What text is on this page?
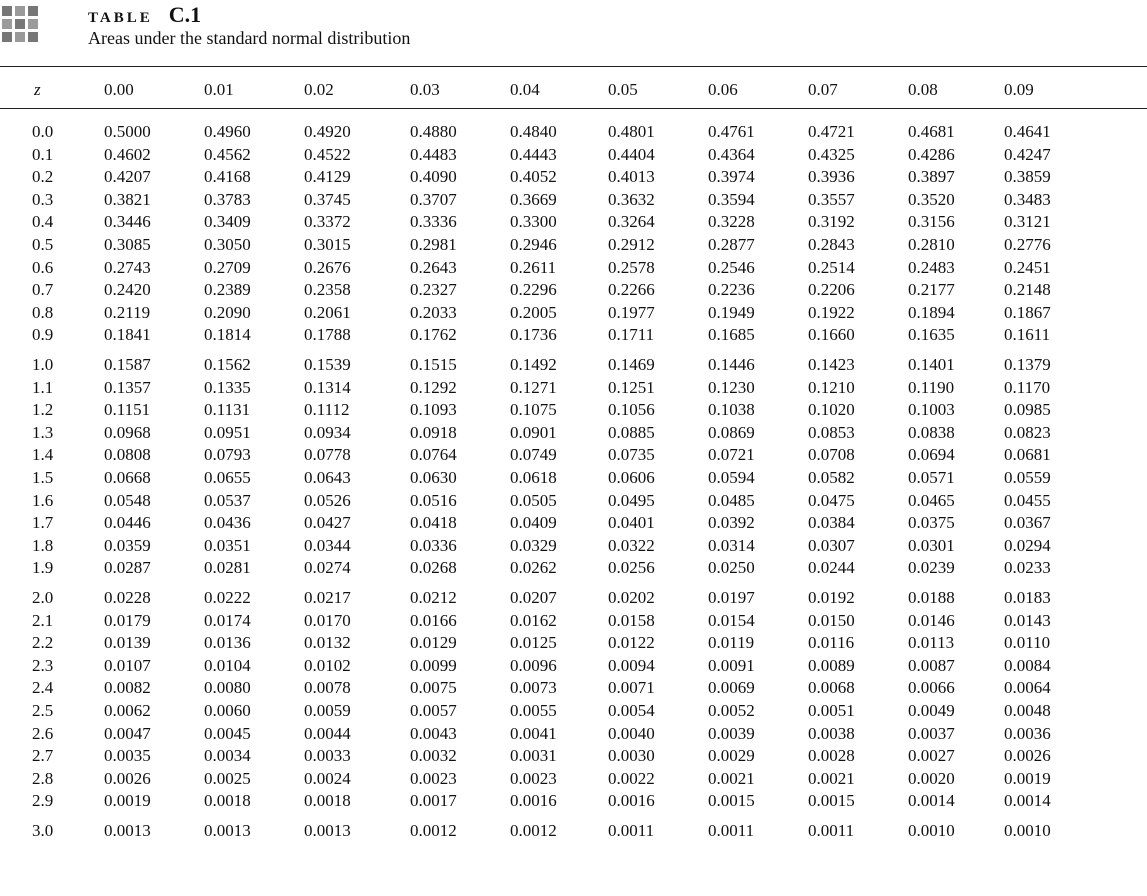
TABLE C.1
Areas under the standard normal distribution
z	0.00	0.01	0.02	0.03	0.04	0.05	0.06	0.07	0.08	0.09
0.0	0.5000	0.4960	0.4920	0.4880	0.4840	0.4801	0.4761	0.4721	0.4681	0.4641
0.1	0.4602	0.4562	0.4522	0.4483	0.4443	0.4404	0.4364	0.4325	0.4286	0.4247
0.2	0.4207	0.4168	0.4129	0.4090	0.4052	0.4013	0.3974	0.3936	0.3897	0.3859
0.3	0.3821	0.3783	0.3745	0.3707	0.3669	0.3632	0.3594	0.3557	0.3520	0.3483
0.4	0.3446	0.3409	0.3372	0.3336	0.3300	0.3264	0.3228	0.3192	0.3156	0.3121
0.5	0.3085	0.3050	0.3015	0.2981	0.2946	0.2912	0.2877	0.2843	0.2810	0.2776
0.6	0.2743	0.2709	0.2676	0.2643	0.2611	0.2578	0.2546	0.2514	0.2483	0.2451
0.7	0.2420	0.2389	0.2358	0.2327	0.2296	0.2266	0.2236	0.2206	0.2177	0.2148
0.8	0.2119	0.2090	0.2061	0.2033	0.2005	0.1977	0.1949	0.1922	0.1894	0.1867
0.9	0.1841	0.1814	0.1788	0.1762	0.1736	0.1711	0.1685	0.1660	0.1635	0.1611
1.0	0.1587	0.1562	0.1539	0.1515	0.1492	0.1469	0.1446	0.1423	0.1401	0.1379
1.1	0.1357	0.1335	0.1314	0.1292	0.1271	0.1251	0.1230	0.1210	0.1190	0.1170
1.2	0.1151	0.1131	0.1112	0.1093	0.1075	0.1056	0.1038	0.1020	0.1003	0.0985
1.3	0.0968	0.0951	0.0934	0.0918	0.0901	0.0885	0.0869	0.0853	0.0838	0.0823
1.4	0.0808	0.0793	0.0778	0.0764	0.0749	0.0735	0.0721	0.0708	0.0694	0.0681
1.5	0.0668	0.0655	0.0643	0.0630	0.0618	0.0606	0.0594	0.0582	0.0571	0.0559
1.6	0.0548	0.0537	0.0526	0.0516	0.0505	0.0495	0.0485	0.0475	0.0465	0.0455
1.7	0.0446	0.0436	0.0427	0.0418	0.0409	0.0401	0.0392	0.0384	0.0375	0.0367
1.8	0.0359	0.0351	0.0344	0.0336	0.0329	0.0322	0.0314	0.0307	0.0301	0.0294
1.9	0.0287	0.0281	0.0274	0.0268	0.0262	0.0256	0.0250	0.0244	0.0239	0.0233
2.0	0.0228	0.0222	0.0217	0.0212	0.0207	0.0202	0.0197	0.0192	0.0188	0.0183
2.1	0.0179	0.0174	0.0170	0.0166	0.0162	0.0158	0.0154	0.0150	0.0146	0.0143
2.2	0.0139	0.0136	0.0132	0.0129	0.0125	0.0122	0.0119	0.0116	0.0113	0.0110
2.3	0.0107	0.0104	0.0102	0.0099	0.0096	0.0094	0.0091	0.0089	0.0087	0.0084
2.4	0.0082	0.0080	0.0078	0.0075	0.0073	0.0071	0.0069	0.0068	0.0066	0.0064
2.5	0.0062	0.0060	0.0059	0.0057	0.0055	0.0054	0.0052	0.0051	0.0049	0.0048
2.6	0.0047	0.0045	0.0044	0.0043	0.0041	0.0040	0.0039	0.0038	0.0037	0.0036
2.7	0.0035	0.0034	0.0033	0.0032	0.0031	0.0030	0.0029	0.0028	0.0027	0.0026
2.8	0.0026	0.0025	0.0024	0.0023	0.0023	0.0022	0.0021	0.0021	0.0020	0.0019
2.9	0.0019	0.0018	0.0018	0.0017	0.0016	0.0016	0.0015	0.0015	0.0014	0.0014
3.0	0.0013	0.0013	0.0013	0.0012	0.0012	0.0011	0.0011	0.0011	0.0010	0.0010
